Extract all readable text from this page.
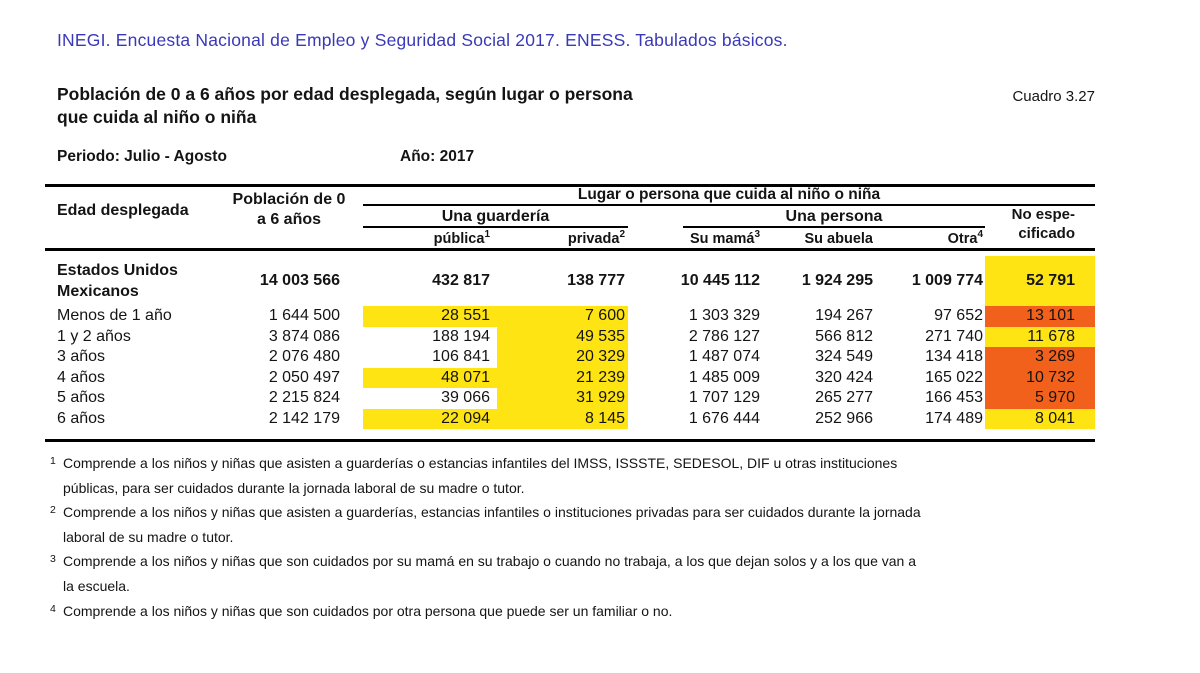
INEGI. Encuesta Nacional de Empleo y Seguridad Social 2017. ENESS. Tabulados básicos.
Población de 0 a 6 años por edad desplegada, según lugar o persona
que cuida al niño o niña
Cuadro 3.27
Periodo: Julio - Agosto	Año: 2017
Edad desplegada
Población de 0
a 6 años
Lugar o persona que cuida al niño o niña
Una guardería	Una persona	No espe-
cificado
pública$^1$	privada$^2$	Su mamá$^3$	Su abuela	Otra$^4$
Estados Unidos
Mexicanos
14 003 566	432 817	138 777	10 445 112	1 924 295	1 009 774	52 791
Menos de 1 año	1 644 500	28 551	7 600	1 303 329	194 267	97 652	13 101
1 y 2 años	3 874 086	188 194	49 535	2 786 127	566 812	271 740	11 678
3 años	2 076 480	106 841	20 329	1 487 074	324 549	134 418	3 269
4 años	2 050 497	48 071	21 239	1 485 009	320 424	165 022	10 732
5 años	2 215 824	39 066	31 929	1 707 129	265 277	166 453	5 970
6 años	2 142 179	22 094	8 145	1 676 444	252 966	174 489	8 041
1 Comprende a los niños y niñas que asisten a guarderías o estancias infantiles del IMSS, ISSSTE, SEDESOL, DIF u otras instituciones
públicas, para ser cuidados durante la jornada laboral de su madre o tutor.
2 Comprende a los niños y niñas que asisten a guarderías, estancias infantiles o instituciones privadas para ser cuidados durante la jornada
laboral de su madre o tutor.
3 Comprende a los niños y niñas que son cuidados por su mamá en su trabajo o cuando no trabaja, a los que dejan solos y a los que van a
la escuela.
4 Comprende a los niños y niñas que son cuidados por otra persona que puede ser un familiar o no.
